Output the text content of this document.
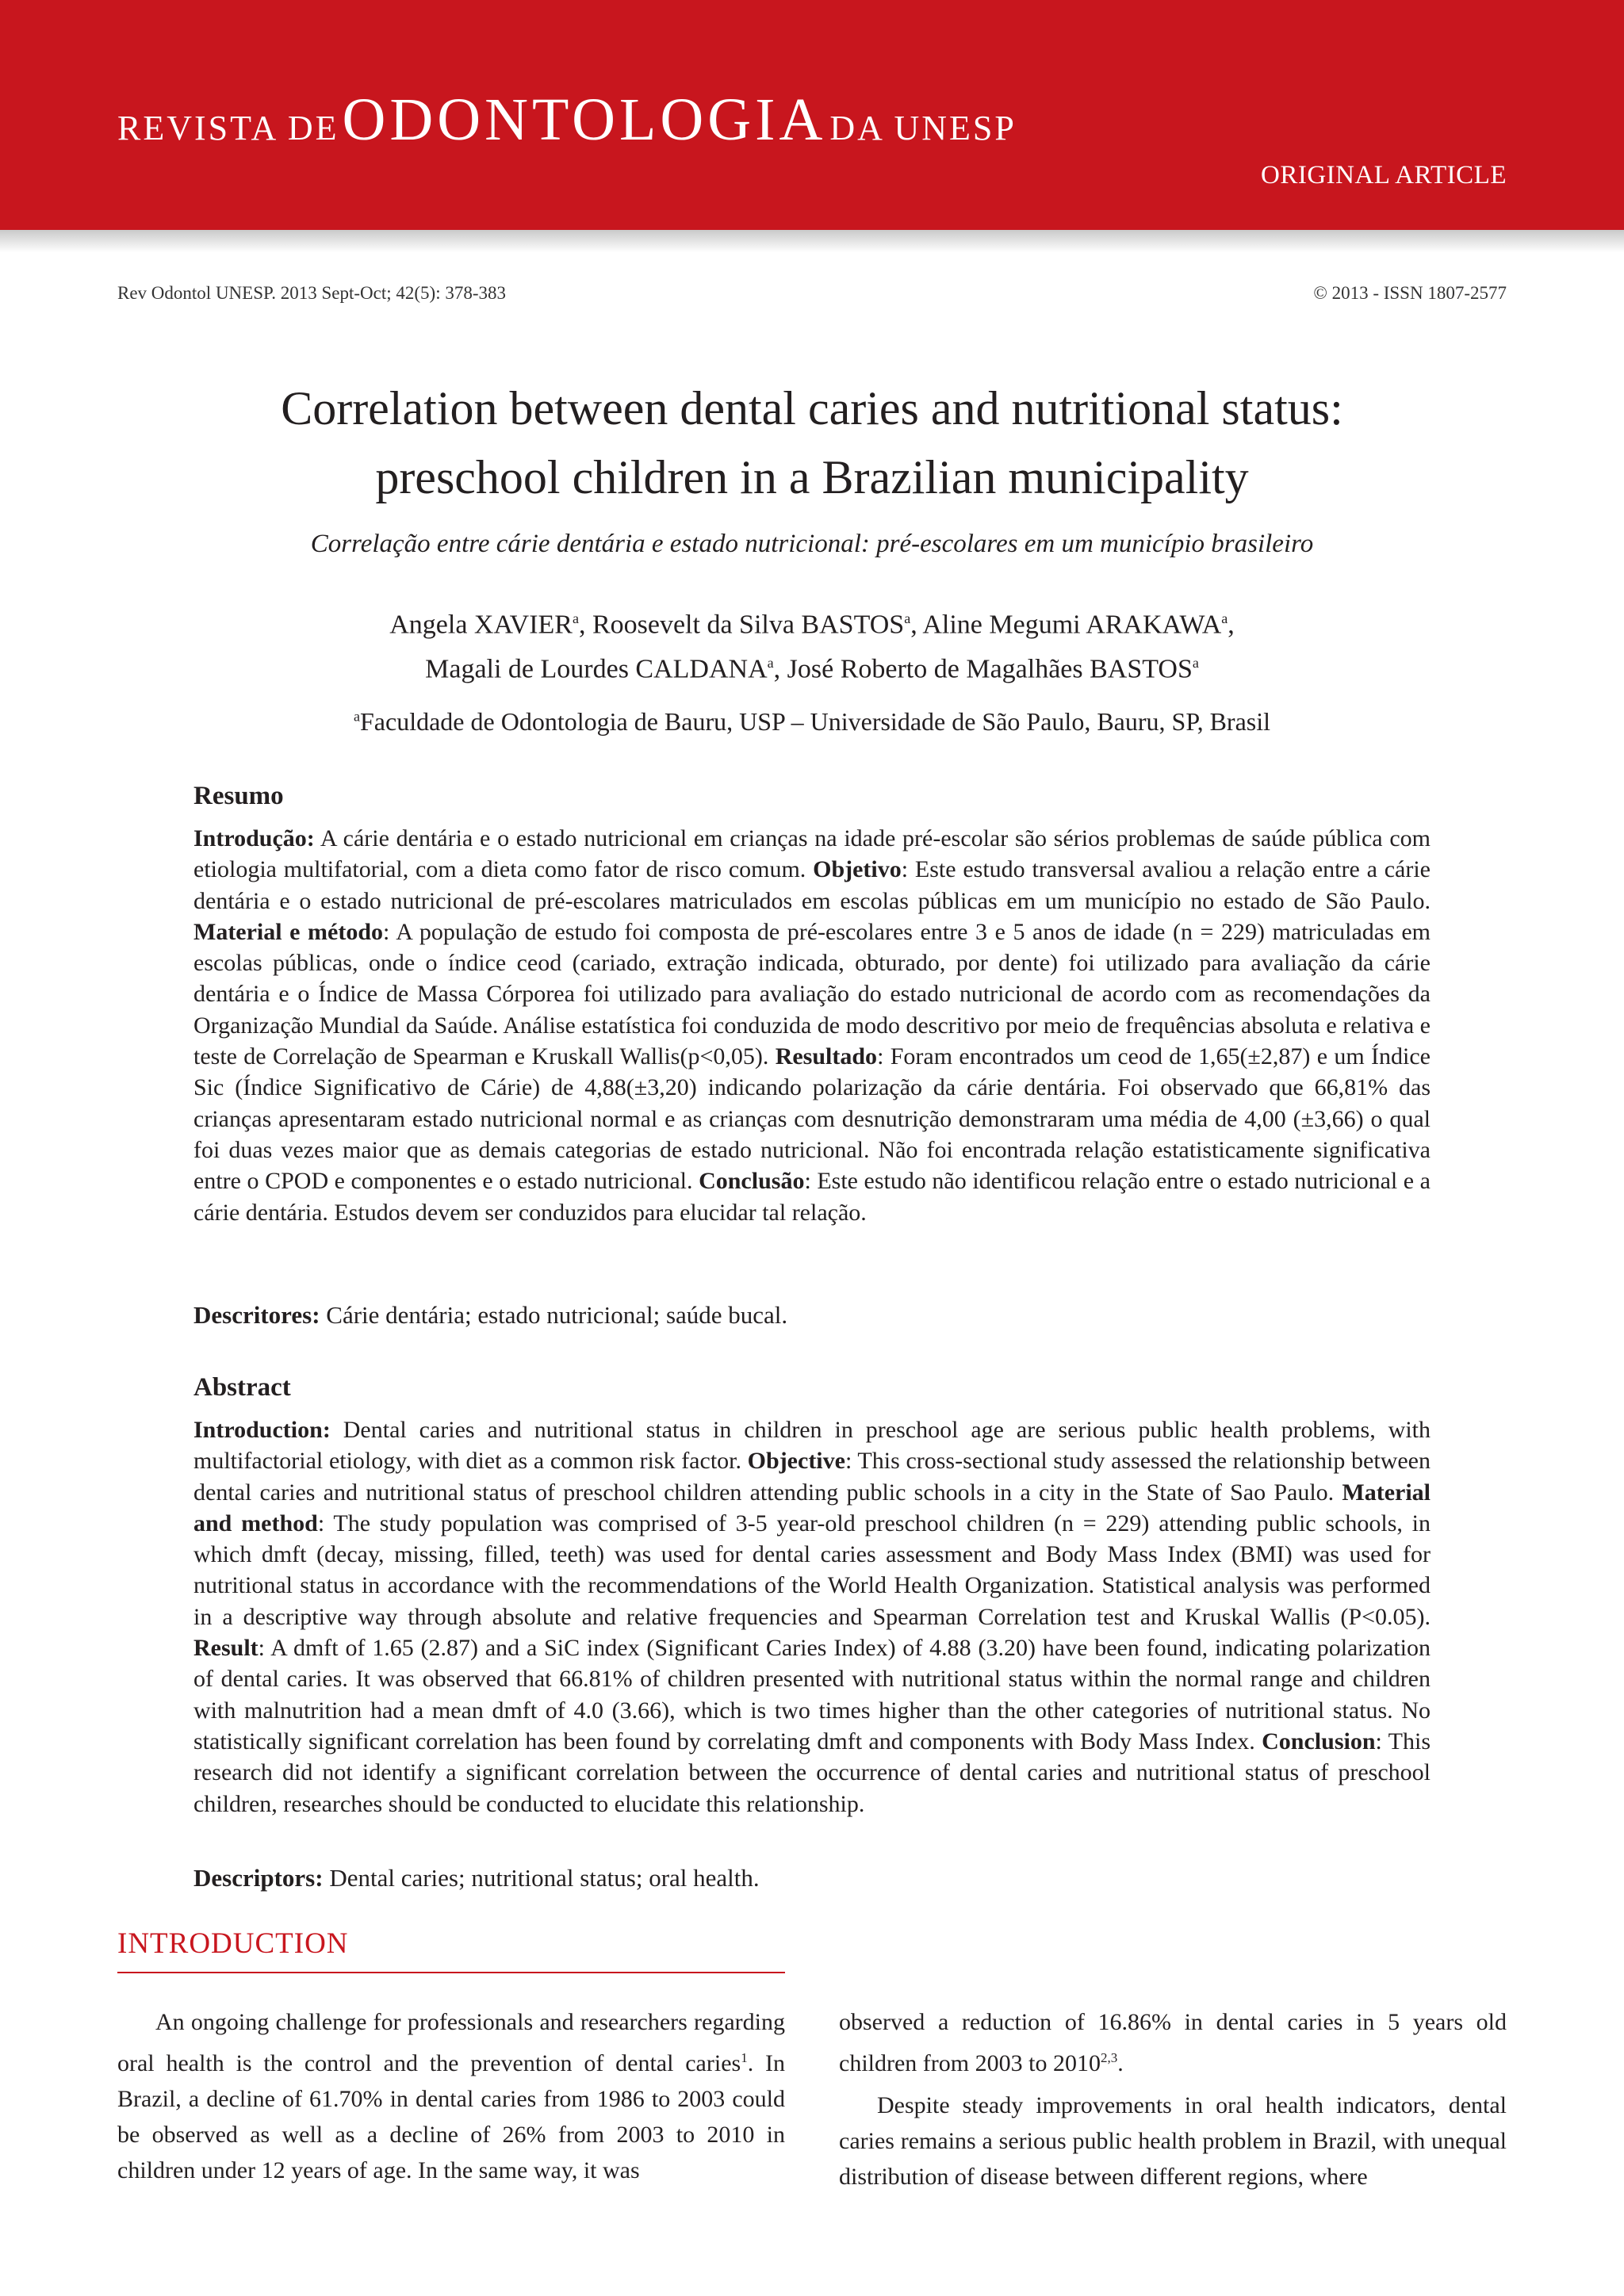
REVISTA DE ODONTOLOGIA DA UNESP
ORIGINAL ARTICLE
Rev Odontol UNESP. 2013 Sept-Oct; 42(5): 378-383	© 2013 - ISSN 1807-2577
Correlation between dental caries and nutritional status:
preschool children in a Brazilian municipality
Correlação entre cárie dentária e estado nutricional: pré-escolares em um município brasileiro
Angela XAVIER$^a$, Roosevelt da Silva BASTOS$^a$, Aline Megumi ARAKAWA$^a$,
Magali de Lourdes CALDANA$^a$, José Roberto de Magalhães BASTOS$^a$
$^a$Faculdade de Odontologia de Bauru, USP – Universidade de São Paulo, Bauru, SP, Brasil
Resumo
Introdução: A cárie dentária e o estado nutricional em crianças na idade pré-escolar são sérios problemas de saúde pública com etiologia multifatorial, com a dieta como fator de risco comum. Objetivo: Este estudo transversal avaliou a relação entre a cárie dentária e o estado nutricional de pré-escolares matriculados em escolas públicas em um município no estado de São Paulo. Material e método: A população de estudo foi composta de pré-escolares entre 3 e 5 anos de idade (n = 229) matriculadas em escolas públicas, onde o índice ceod (cariado, extração indicada, obturado, por dente) foi utilizado para avaliação da cárie dentária e o Índice de Massa Córporea foi utilizado para avaliação do estado nutricional de acordo com as recomendações da Organização Mundial da Saúde. Análise estatística foi conduzida de modo descritivo por meio de frequências absoluta e relativa e teste de Correlação de Spearman e Kruskall Wallis(p<0,05). Resultado: Foram encontrados um ceod de 1,65(±2,87) e um Índice Sic (Índice Significativo de Cárie) de 4,88(±3,20) indicando polarização da cárie dentária. Foi observado que 66,81% das crianças apresentaram estado nutricional normal e as crianças com desnutrição demonstraram uma média de 4,00 (±3,66) o qual foi duas vezes maior que as demais categorias de estado nutricional. Não foi encontrada relação estatisticamente significativa entre o CPOD e componentes e o estado nutricional. Conclusão: Este estudo não identificou relação entre o estado nutricional e a cárie dentária. Estudos devem ser conduzidos para elucidar tal relação.
Descritores: Cárie dentária; estado nutricional; saúde bucal.
Abstract
Introduction: Dental caries and nutritional status in children in preschool age are serious public health problems, with multifactorial etiology, with diet as a common risk factor. Objective: This cross-sectional study assessed the relationship between dental caries and nutritional status of preschool children attending public schools in a city in the State of Sao Paulo. Material and method: The study population was comprised of 3-5 year-old preschool children (n = 229) attending public schools, in which dmft (decay, missing, filled, teeth) was used for dental caries assessment and Body Mass Index (BMI) was used for nutritional status in accordance with the recommendations of the World Health Organization. Statistical analysis was performed in a descriptive way through absolute and relative frequencies and Spearman Correlation test and Kruskal Wallis (P<0.05). Result: A dmft of 1.65 (2.87) and a SiC index (Significant Caries Index) of 4.88 (3.20) have been found, indicating polarization of dental caries. It was observed that 66.81% of children presented with nutritional status within the normal range and children with malnutrition had a mean dmft of 4.0 (3.66), which is two times higher than the other categories of nutritional status. No statistically significant correlation has been found by correlating dmft and components with Body Mass Index. Conclusion: This research did not identify a significant correlation between the occurrence of dental caries and nutritional status of preschool children, researches should be conducted to elucidate this relationship.
Descriptors: Dental caries; nutritional status; oral health.
INTRODUCTION

An ongoing challenge for professionals and researchers regarding oral health is the control and the prevention of dental caries$^1$. In Brazil, a decline of 61.70% in dental caries from 1986 to 2003 could be observed as well as a decline of 26% from 2003 to 2010 in children under 12 years of age. In the same way, it was

observed a reduction of 16.86% in dental caries in 5 years old children from 2003 to 2010$^{2,3}$.

Despite steady improvements in oral health indicators, dental caries remains a serious public health problem in Brazil, with unequal distribution of disease between different regions, where
